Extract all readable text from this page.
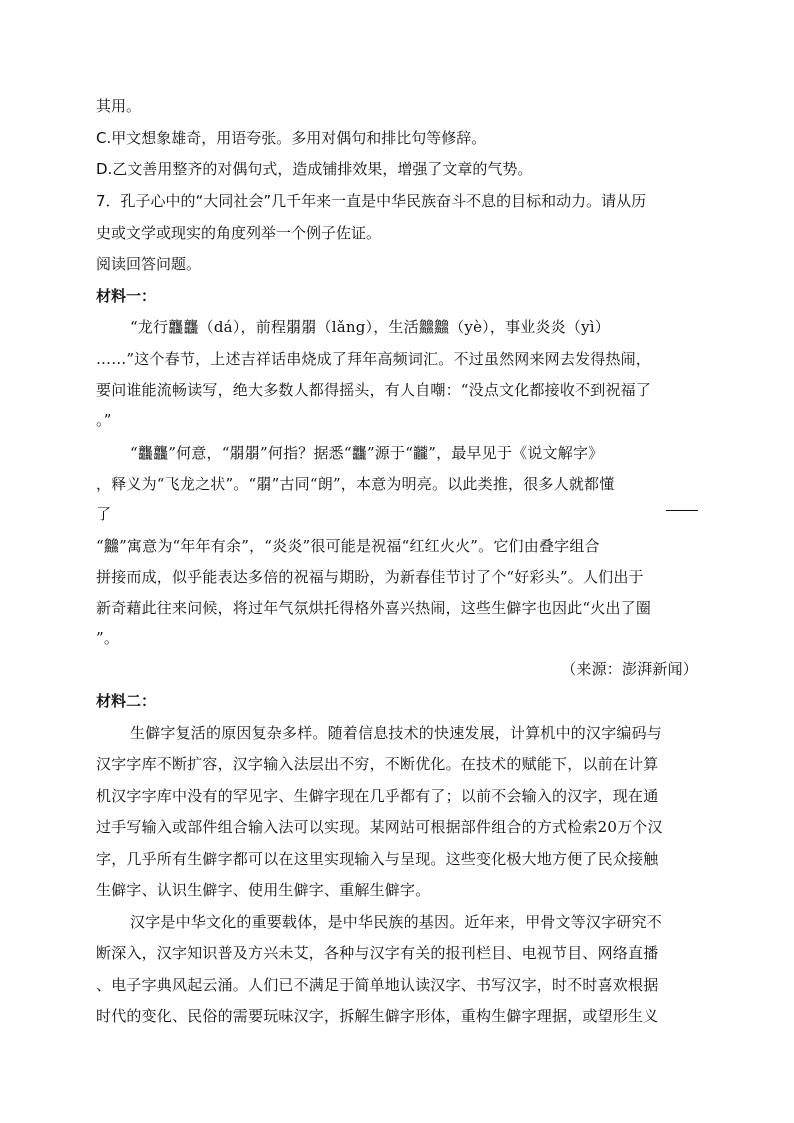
其用。
C.甲文想象雄奇，用语夸张。多用对偶句和排比句等修辞。
D.乙文善用整齐的对偶句式，造成铺排效果，增强了文章的气势。
7．孔子心中的“大同社会”几千年来一直是中华民族奋斗不息的目标和动力。请从历
史或文学或现实的角度列举一个例子佐证。
阅读回答问题。
材料一：
“龙行龘龘（dá），前程朤朤（lǎng），生活䲜䲜（yè），事业炎炎（yì）
……”这个春节，上述吉祥话串烧成了拜年高频词汇。不过虽然网来网去发得热闹，
要问谁能流畅读写，绝大多数人都得摇头，有人自嘲：“没点文化都接收不到祝福了
。”
“龘龘”何意，“朤朤”何指？据悉“龘”源于“龖”，最早见于《说文解字》
，释义为“飞龙之状”。“朤”古同“朗”，本意为明亮。以此类推，很多人就都懂
了
“䲜”寓意为“年年有余”，“炎炎”很可能是祝福“红红火火”。它们由叠字组合
拼接而成，似乎能表达多倍的祝福与期盼，为新春佳节讨了个“好彩头”。人们出于
新奇藉此往来问候，将过年气氛烘托得格外喜兴热闹，这些生僻字也因此“火出了圈
”。
（来源：澎湃新闻）
材料二：
生僻字复活的原因复杂多样。随着信息技术的快速发展，计算机中的汉字编码与
汉字字库不断扩容，汉字输入法层出不穷，不断优化。在技术的赋能下，以前在计算
机汉字字库中没有的罕见字、生僻字现在几乎都有了；以前不会输入的汉字，现在通
过手写输入或部件组合输入法可以实现。某网站可根据部件组合的方式检索20万个汉
字，几乎所有生僻字都可以在这里实现输入与呈现。这些变化极大地方便了民众接触
生僻字、认识生僻字、使用生僻字、重解生僻字。
汉字是中华文化的重要载体，是中华民族的基因。近年来，甲骨文等汉字研究不
断深入，汉字知识普及方兴未艾，各种与汉字有关的报刊栏目、电视节目、网络直播
、电子字典风起云涌。人们已不满足于简单地认读汉字、书写汉字，时不时喜欢根据
时代的变化、民俗的需要玩味汉字，拆解生僻字形体，重构生僻字理据，或望形生义
